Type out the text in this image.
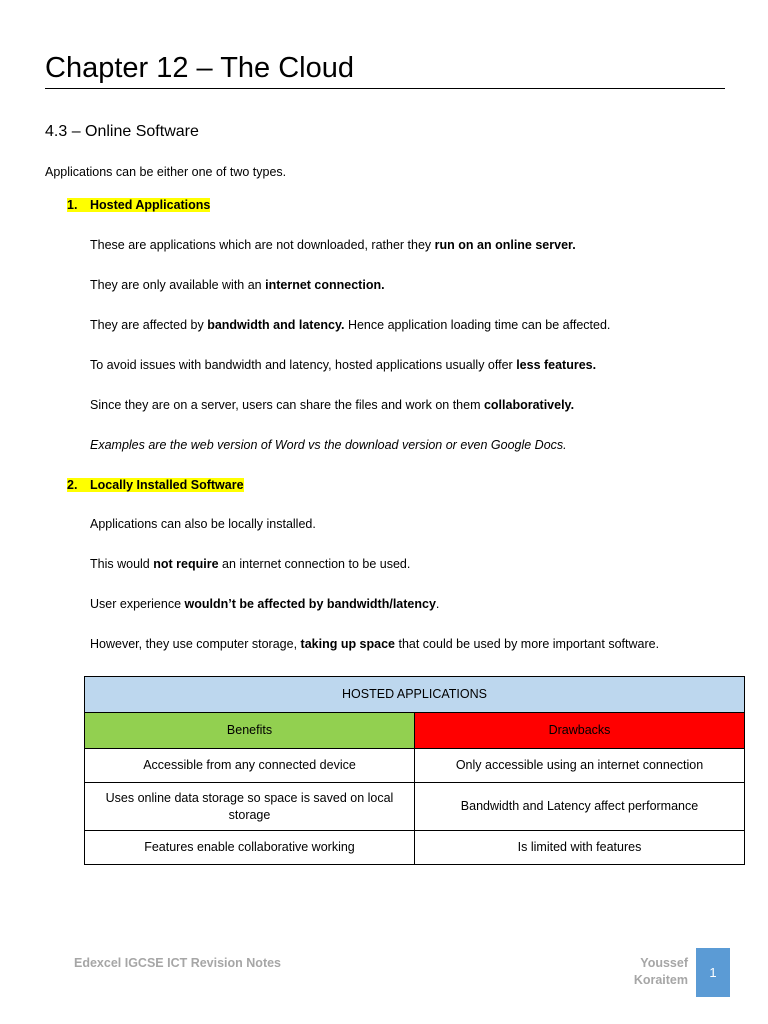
Chapter 12 – The Cloud
4.3 – Online Software
Applications can be either one of two types.
1. Hosted Applications
These are applications which are not downloaded, rather they run on an online server.
They are only available with an internet connection.
They are affected by bandwidth and latency. Hence application loading time can be affected.
To avoid issues with bandwidth and latency, hosted applications usually offer less features.
Since they are on a server, users can share the files and work on them collaboratively.
Examples are the web version of Word vs the download version or even Google Docs.
2. Locally Installed Software
Applications can also be locally installed.
This would not require an internet connection to be used.
User experience wouldn’t be affected by bandwidth/latency.
However, they use computer storage, taking up space that could be used by more important software.
HOSTED APPLICATIONS	
Benefits	Drawbacks
Accessible from any connected device	Only accessible using an internet connection
Uses online data storage so space is saved on local storage	Bandwidth and Latency affect performance
Features enable collaborative working	Is limited with features
Edexcel IGCSE ICT Revision Notes	Youssef
Koraitem	1
